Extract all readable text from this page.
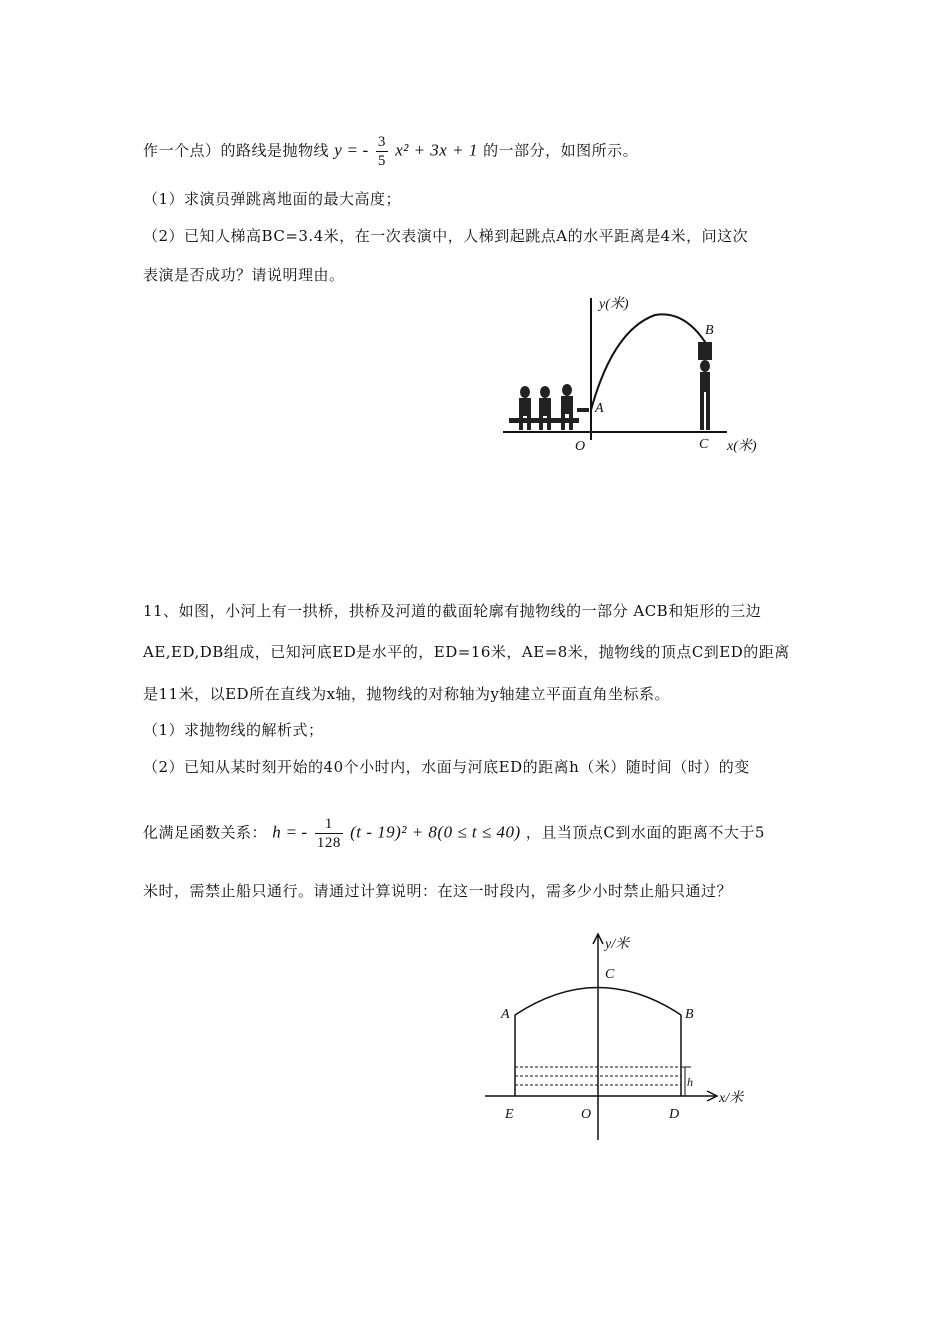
作一个点）的路线是抛物线 y = - $\frac{3}{5} x^2 + 3x + 1$ 的一部分，如图所示。
（1）求演员弹跳离地面的最大高度；
（2）已知人梯高BC=3.4米，在一次表演中，人梯到起跳点A的水平距离是4米，问这次
表演是否成功？请说明理由。
A
B
C
O
y(米)
x(米)
11、如图，小河上有一拱桥，拱桥及河道的截面轮廓有抛物线的一部分 ACB和矩形的三边
AE,ED,DB组成，已知河底ED是水平的，ED=16米，AE=8米，抛物线的顶点C到ED的距离
是11米，以ED所在直线为x轴，抛物线的对称轴为y轴建立平面直角坐标系。
（1）求抛物线的解析式；
（2）已知从某时刻开始的40个小时内，水面与河底ED的距离h（米）随时间（时）的变
化满足函数关系： h = - $\frac{1}{128} (t - 19)^2 + 8(0 \le t \le 40)$ ，且当顶点C到水面的距离不大于5
米时，需禁止船只通行。请通过计算说明：在这一时段内，需多少小时禁止船只通过？
h
A	B
C
E	O	D
y/米
x/米
